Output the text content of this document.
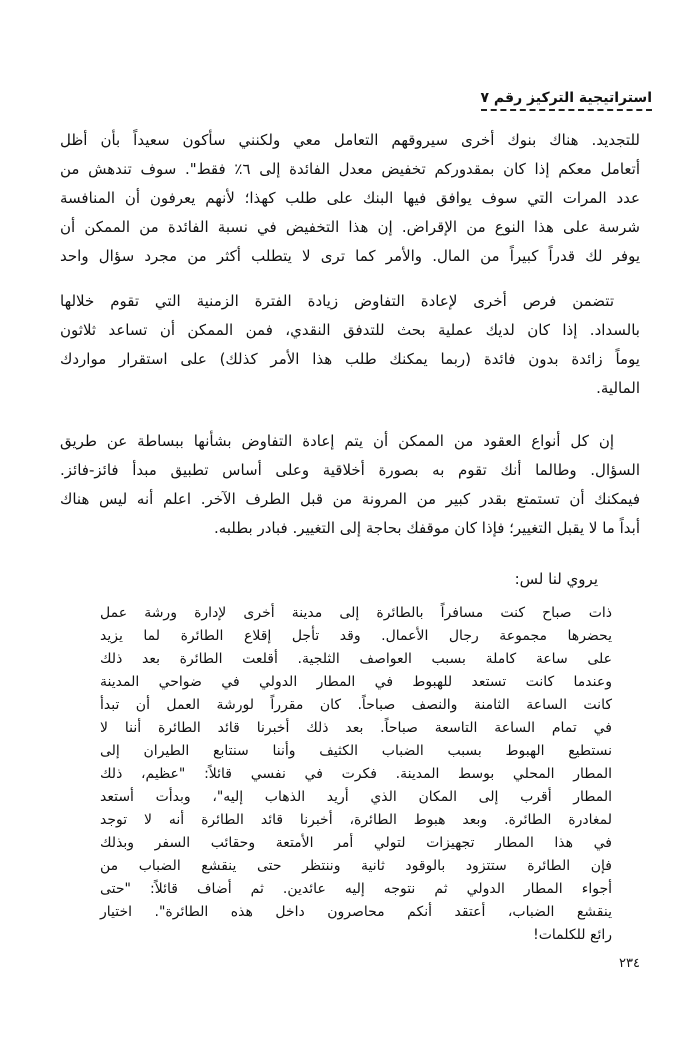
استراتيجية التركيز رقم ٧
للتجديد. هناك بنوك أخرى سيروقهم التعامل معي ولكنني سأكون سعيداً بأن أظل
أتعامل معكم إذا كان بمقدوركم تخفيض معدل الفائدة إلى ٦٪ فقط". سوف تندهش من
عدد المرات التي سوف يوافق فيها البنك على طلب كهذا؛ لأنهم يعرفون أن المنافسة
شرسة على هذا النوع من الإقراض. إن هذا التخفيض في نسبة الفائدة من الممكن أن
يوفر لك قدراً كبيراً من المال. والأمر كما ترى لا يتطلب أكثر من مجرد سؤال واحد
تتضمن فرص أخرى لإعادة التفاوض زيادة الفترة الزمنية التي تقوم خلالها
بالسداد. إذا كان لديك عملية بحث للتدفق النقدي، فمن الممكن أن تساعد ثلاثون
يوماً زائدة بدون فائدة (ربما يمكنك طلب هذا الأمر كذلك) على استقرار مواردك
المالية.
إن كل أنواع العقود من الممكن أن يتم إعادة التفاوض بشأنها ببساطة عن طريق
السؤال. وطالما أنك تقوم به بصورة أخلاقية وعلى أساس تطبيق مبدأ فائز-فائز.
فيمكنك أن تستمتع بقدر كبير من المرونة من قبل الطرف الآخر. اعلم أنه ليس هناك
أبداً ما لا يقبل التغيير؛ فإذا كان موقفك بحاجة إلى التغيير. فبادر بطلبه.
يروي لنا لس:
ذات صباح كنت مسافراً بالطائرة إلى مدينة أخرى لإدارة ورشة عمل
يحضرها مجموعة رجال الأعمال. وقد تأجل إقلاع الطائرة لما يزيد
على ساعة كاملة بسبب العواصف الثلجية. أقلعت الطائرة بعد ذلك
وعندما كانت تستعد للهبوط في المطار الدولي في ضواحي المدينة
كانت الساعة الثامنة والنصف صباحاً. كان مقرراً لورشة العمل أن تبدأ
في تمام الساعة التاسعة صباحاً. بعد ذلك أخبرنا قائد الطائرة أننا لا
نستطيع الهبوط بسبب الضباب الكثيف وأننا سنتابع الطيران إلى
المطار المحلي بوسط المدينة. فكرت في نفسي قائلاً: "عظيم، ذلك
المطار أقرب إلى المكان الذي أريد الذهاب إليه"، وبدأت أستعد
لمغادرة الطائرة. وبعد هبوط الطائرة، أخبرنا قائد الطائرة أنه لا توجد
في هذا المطار تجهيزات لتولي أمر الأمتعة وحقائب السفر وبذلك
فإن الطائرة ستتزود بالوقود ثانية وننتظر حتى ينقشع الضباب من
أجواء المطار الدولي ثم نتوجه إليه عائدين. ثم أضاف قائلاً: "حتى
ينقشع الضباب، أعتقد أنكم محاصرون داخل هذه الطائرة". اختيار
رائع للكلمات!
٢٣٤
